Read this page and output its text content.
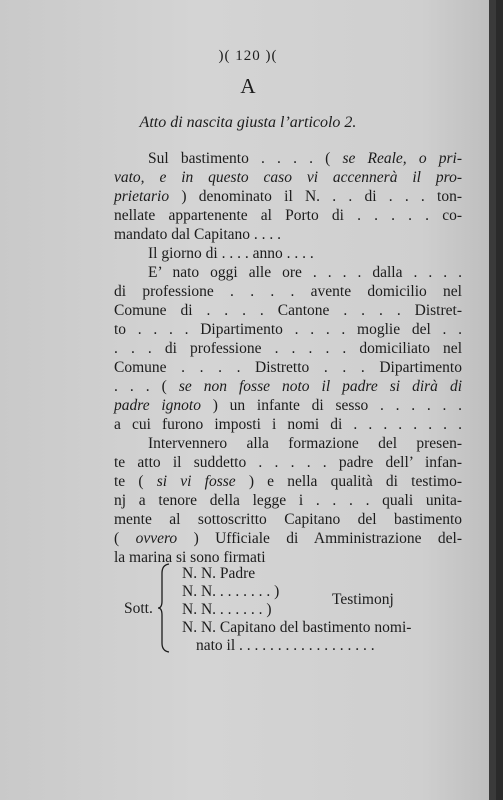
)( 120 )(
A
Atto di nascita giusta l’articolo 2.
Sul bastimento . . . . ( se Reale, o pri-
vato, e in questo caso vi accennerà il pro-
prietario ) denominato il N. . . di . . . ton-
nellate appartenente al Porto di . . . . . co-
mandato dal Capitano . . . .
Il giorno di . . . . anno . . . .
E’ nato oggi alle ore . . . . dalla . . . .
di professione . . . . avente domicilio nel
Comune di . . . . Cantone . . . . Distret-
to . . . . Dipartimento . . . . moglie del . .
. . . di professione . . . . . domiciliato nel
Comune . . . . Distretto . . . Dipartimento
. . . ( se non fosse noto il padre si dirà di
padre ignoto ) un infante di sesso . . . . . .
a cui furono imposti i nomi di . . . . . . . .
Intervennero alla formazione del presen-
te atto il suddetto . . . . . padre dell’ infan-
te ( si vi fosse ) e nella qualità di testimo-
nj a tenore della legge i . . . . quali unita-
mente al sottoscritto Capitano del bastimento
( ovvero ) Ufficiale di Amministrazione del-
la marina si sono firmati
Sott.
N. N. Padre
N. N. . . . . . . . )	Testimonj
N. N. . . . . . . )
N. N. Capitano del bastimento nomi-
nato il . . . . . . . . . . . . . . . . . .
